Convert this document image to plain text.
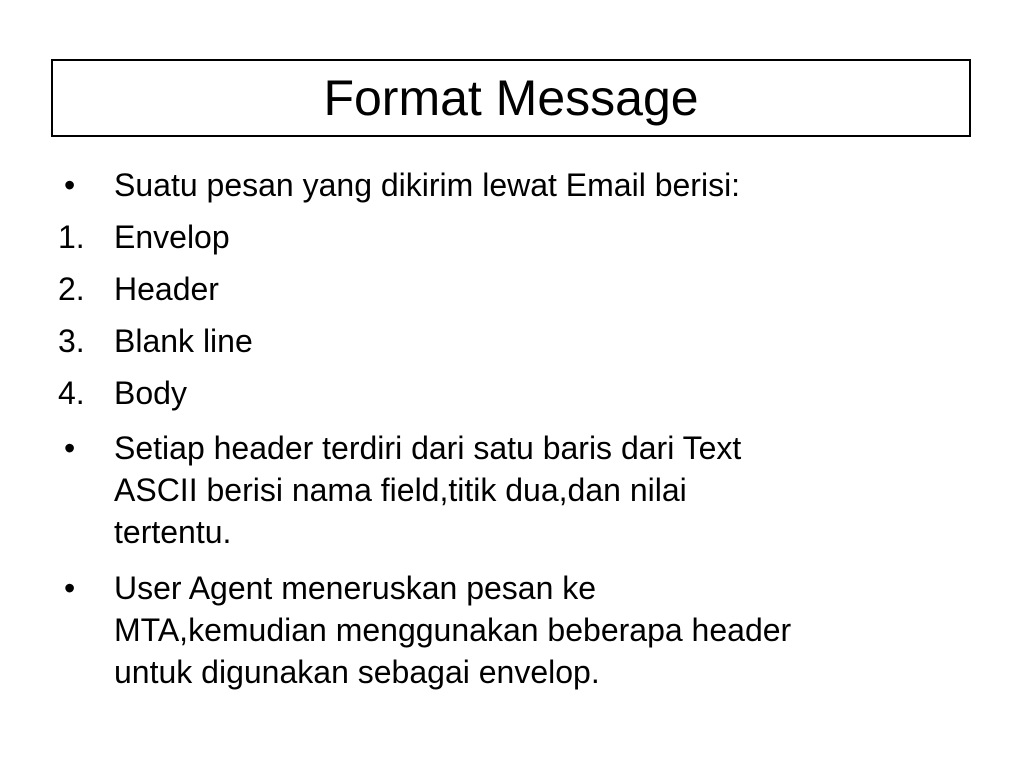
Format Message
• Suatu pesan yang dikirim lewat Email berisi:
1. Envelop
2. Header
3. Blank line
4. Body
• Setiap header terdiri dari satu baris dari Text
ASCII berisi nama field,titik dua,dan nilai
tertentu.
• User Agent meneruskan pesan ke
MTA,kemudian menggunakan beberapa header
untuk digunakan sebagai envelop.
